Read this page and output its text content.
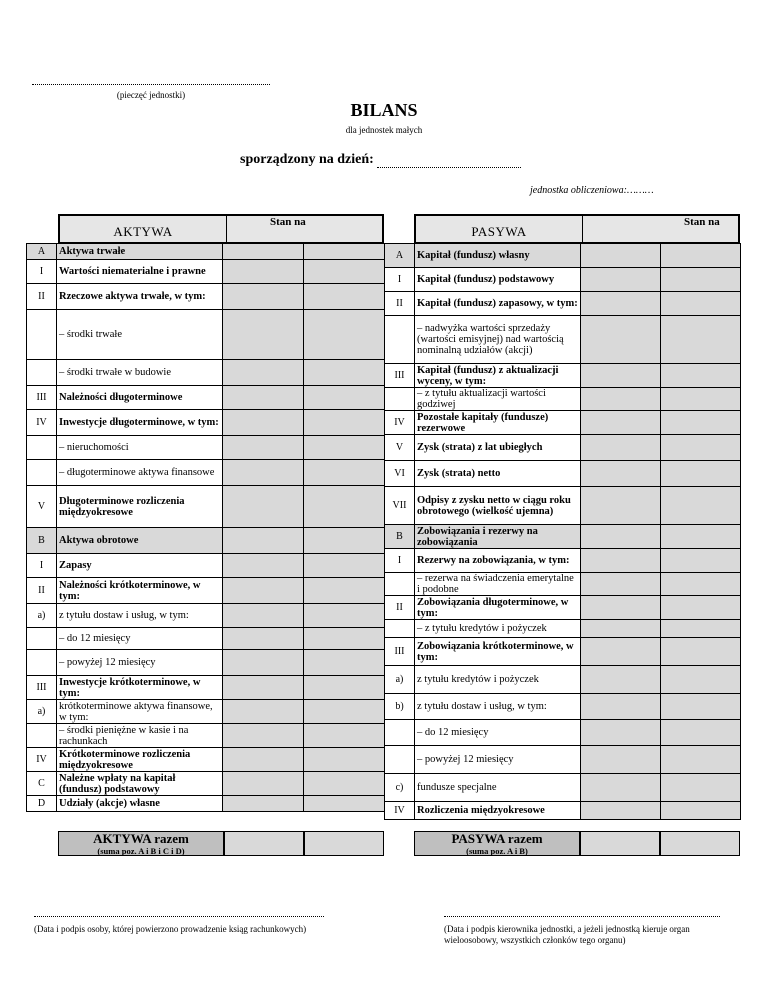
(pieczęć jednostki)
BILANS
dla jednostek małych
sporządzony na dzień:
jednostka obliczeniowa:………
AKTYWA
Stan na
PASYWA
Stan na
A	Aktywa trwałe		
I	Wartości niematerialne i prawne		
II	Rzeczowe aktywa trwałe, w tym:		
	– środki trwałe		
	– środki trwałe w budowie		
III	Należności długoterminowe		
IV	Inwestycje długoterminowe, w tym:		
	– nieruchomości		
	– długoterminowe aktywa finansowe		
V	Długoterminowe rozliczenia międzyokresowe		
B	Aktywa obrotowe		
I	Zapasy		
II	Należności krótkoterminowe, w tym:		
a)	z tytułu dostaw i usług, w tym:		
	– do 12 miesięcy		
	– powyżej 12 miesięcy		
III	Inwestycje krótkoterminowe, w tym:		
a)	krótkoterminowe aktywa finansowe, w tym:		
	– środki pieniężne w kasie i na rachunkach		
IV	Krótkoterminowe rozliczenia międzyokresowe		
C	Należne wpłaty na kapitał (fundusz) podstawowy		
D	Udziały (akcje) własne		
A	Kapitał (fundusz) własny		
I	Kapitał (fundusz) podstawowy		
II	Kapitał (fundusz) zapasowy, w tym:		
	– nadwyżka wartości sprzedaży (wartości emisyjnej) nad wartością nominalną udziałów (akcji)		
III	Kapitał (fundusz) z aktualizacji wyceny, w tym:		
	– z tytułu aktualizacji wartości godziwej		
IV	Pozostałe kapitały (fundusze) rezerwowe		
V	Zysk (strata) z lat ubiegłych		
VI	Zysk (strata) netto		
VII	Odpisy z zysku netto w ciągu roku obrotowego (wielkość ujemna)		
B	Zobowiązania i rezerwy na zobowiązania		
I	Rezerwy na zobowiązania, w tym:		
	– rezerwa na świadczenia emerytalne i podobne		
II	Zobowiązania długoterminowe, w tym:		
	– z tytułu kredytów i pożyczek		
III	Zobowiązania krótkoterminowe, w tym:		
a)	z tytułu kredytów i pożyczek		
b)	z tytułu dostaw i usług, w tym:		
	– do 12 miesięcy		
	– powyżej 12 miesięcy		
c)	fundusze specjalne		
IV	Rozliczenia międzyokresowe		
AKTYWA razem
(suma poz. A i B i C i D)
PASYWA razem
(suma poz. A i B)
(Data i podpis osoby, której powierzono prowadzenie ksiąg rachunkowych)	(Data i podpis kierownika jednostki, a jeżeli jednostką kieruje organ wieloosobowy, wszystkich członków tego organu)
